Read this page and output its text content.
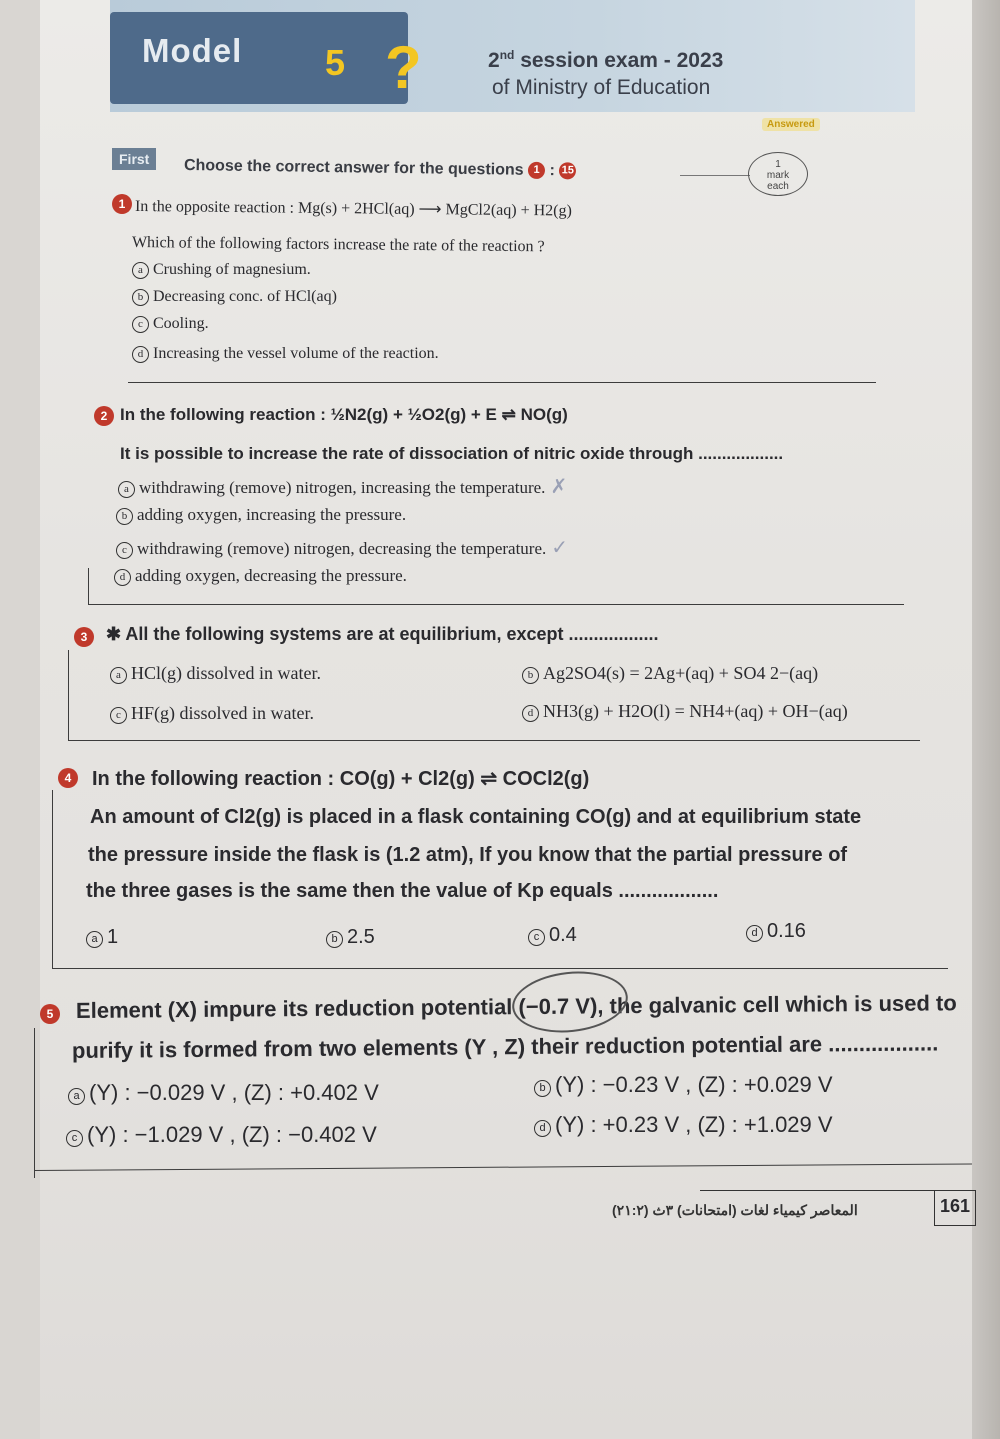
Model 5 ?	2nd session exam - 2023
of Ministry of Education
Answered
First	Choose the correct answer for the questions 1 : 15
1
mark
each
1 In the opposite reaction : Mg(s) + 2HCl(aq) ⟶ MgCl2(aq) + H2(g)
Which of the following factors increase the rate of the reaction ?
a Crushing of magnesium.
b Decreasing conc. of HCl(aq)
c Cooling.
d Increasing the vessel volume of the reaction.
2 In the following reaction : ½N2(g) + ½O2(g) + E ⇌ NO(g)
It is possible to increase the rate of dissociation of nitric oxide through ..................
a withdrawing (remove) nitrogen, increasing the temperature. ✗
b adding oxygen, increasing the pressure.
c withdrawing (remove) nitrogen, decreasing the temperature. ✓
d adding oxygen, decreasing the pressure.
3	✱ All the following systems are at equilibrium, except ..................
a HCl(g) dissolved in water.	b Ag2SO4(s) = 2Ag+(aq) + SO4 2−(aq)
c HF(g) dissolved in water.	d NH3(g) + H2O(l) = NH4+(aq) + OH−(aq)
4	In the following reaction : CO(g) + Cl2(g) ⇌ COCl2(g)
An amount of Cl2(g) is placed in a flask containing CO(g) and at equilibrium state
the pressure inside the flask is (1.2 atm), If you know that the partial pressure of
the three gases is the same then the value of Kp equals ..................
a 1	b 2.5	c 0.4	d 0.16
5	Element (X) impure its reduction potential (−0.7 V), the galvanic cell which is used to
purify it is formed from two elements (Y , Z) their reduction potential are ..................
a (Y) : −0.029 V , (Z) : +0.402 V	b (Y) : −0.23 V , (Z) : +0.029 V
c (Y) : −1.029 V , (Z) : −0.402 V	d (Y) : +0.23 V , (Z) : +1.029 V
المعاصر كيمياء لغات (امتحانات) ٣ث (٢١:٢)	161
